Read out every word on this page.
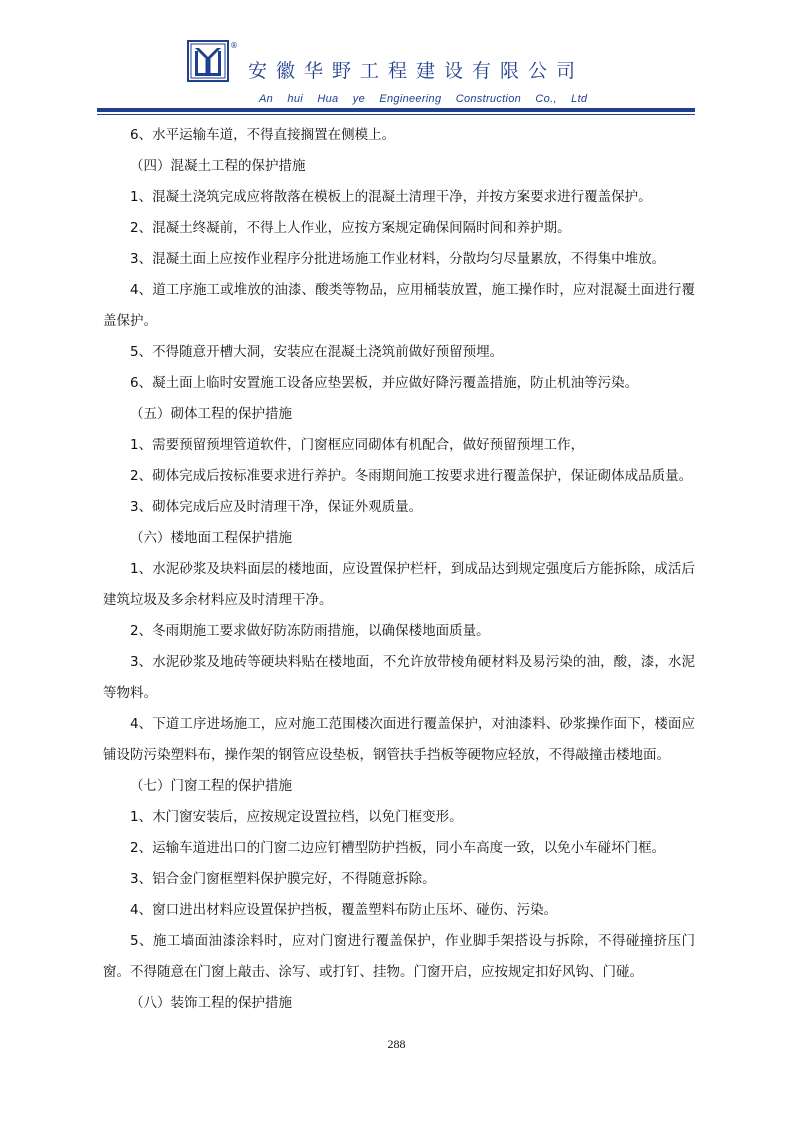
®
安徽华野工程建设有限公司
An hui Hua ye Engineering Construction Co., Ltd

6、水平运输车道，不得直接搁置在侧模上。

（四）混凝土工程的保护措施

1、混凝土浇筑完成应将散落在模板上的混凝土清理干净，并按方案要求进行覆盖保护。

2、混凝土终凝前，不得上人作业，应按方案规定确保间隔时间和养护期。

3、混凝土面上应按作业程序分批进场施工作业材料，分散均匀尽量累放，不得集中堆放。

4、道工序施工或堆放的油漆、酸类等物品，应用桶装放置，施工操作时，应对混凝土面进行覆盖保护。

5、不得随意开槽大洞，安装应在混凝土浇筑前做好预留预埋。

6、凝土面上临时安置施工设备应垫罢板，并应做好降污覆盖措施，防止机油等污染。

（五）砌体工程的保护措施

1、需要预留预埋管道软件，门窗框应同砌体有机配合，做好预留预埋工作，

2、砌体完成后按标准要求进行养护。冬雨期间施工按要求进行覆盖保护，保证砌体成品质量。

3、砌体完成后应及时清理干净，保证外观质量。

（六）楼地面工程保护措施

1、水泥砂浆及块料面层的楼地面，应设置保护栏杆，到成品达到规定强度后方能拆除，成活后建筑垃圾及多余材料应及时清理干净。

2、冬雨期施工要求做好防冻防雨措施，以确保楼地面质量。

3、水泥砂浆及地砖等硬块料贴在楼地面，不允许放带棱角硬材料及易污染的油，酸，漆，水泥等物料。

4、下道工序进场施工，应对施工范围楼次面进行覆盖保护，对油漆料、砂浆操作面下，楼面应铺设防污染塑料布，操作架的钢管应设垫板，钢管扶手挡板等硬物应轻放，不得敲撞击楼地面。

（七）门窗工程的保护措施

1、木门窗安装后，应按规定设置拉档，以免门框变形。

2、运输车道进出口的门窗二边应钉槽型防护挡板，同小车高度一致，以免小车碰坏门框。

3、铝合金门窗框塑料保护膜完好，不得随意拆除。

4、窗口进出材料应设置保护挡板，覆盖塑料布防止压坏、碰伤、污染。

5、施工墙面油漆涂料时，应对门窗进行覆盖保护，作业脚手架搭设与拆除，不得碰撞挤压门窗。不得随意在门窗上敲击、涂写、或打钉、挂物。门窗开启，应按规定扣好风钩、门碰。

（八）装饰工程的保护措施

288
